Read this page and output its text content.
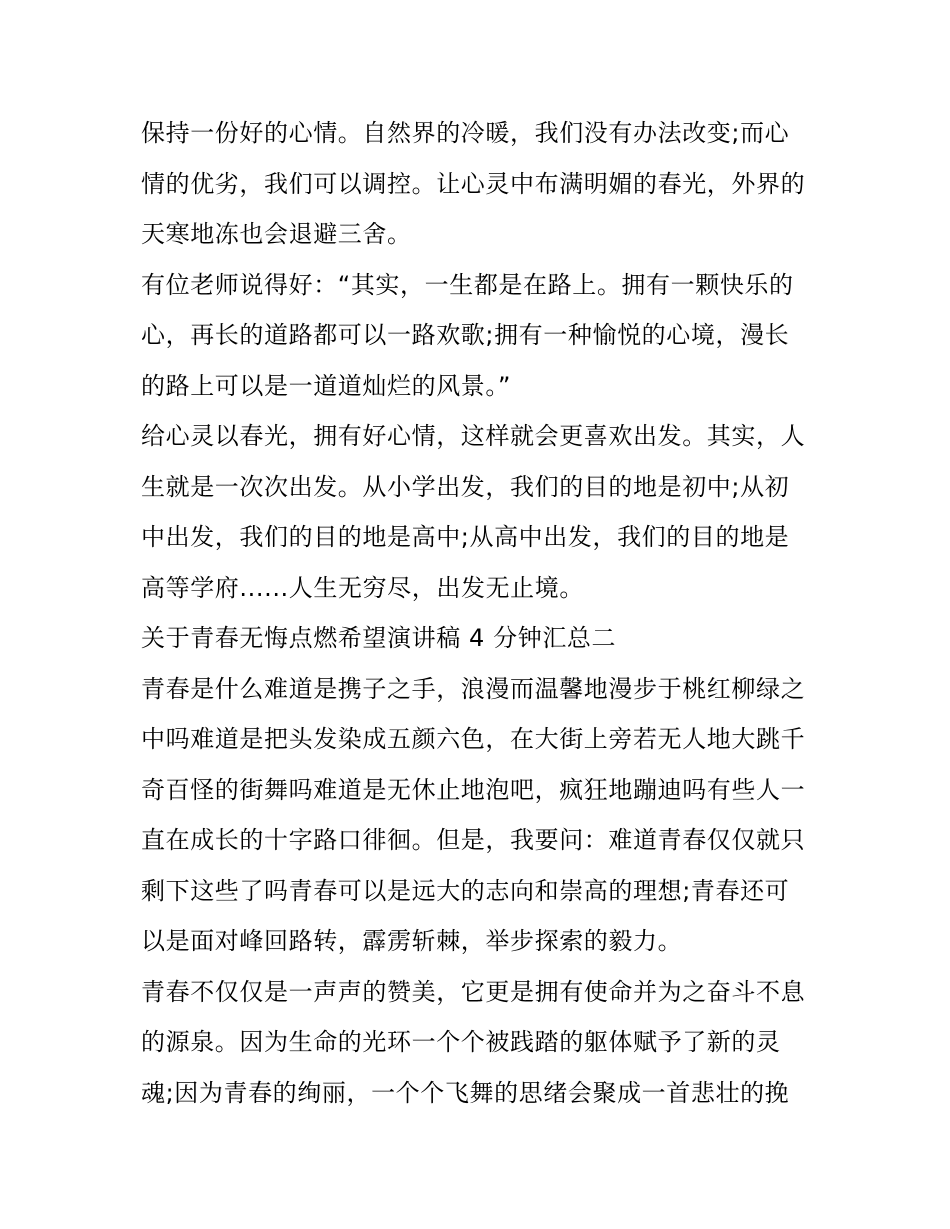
保持一份好的心情。自然界的冷暖，我们没有办法改变;而心
情的优劣，我们可以调控。让心灵中布满明媚的春光，外界的
天寒地冻也会退避三舍。
有位老师说得好：“其实，一生都是在路上。拥有一颗快乐的
心，再长的道路都可以一路欢歌;拥有一种愉悦的心境，漫长
的路上可以是一道道灿烂的风景。”
给心灵以春光，拥有好心情，这样就会更喜欢出发。其实，人
生就是一次次出发。从小学出发，我们的目的地是初中;从初
中出发，我们的目的地是高中;从高中出发，我们的目的地是
高等学府......人生无穷尽，出发无止境。
关于青春无悔点燃希望演讲稿 4 分钟汇总二
青春是什么难道是携子之手，浪漫而温馨地漫步于桃红柳绿之
中吗难道是把头发染成五颜六色，在大街上旁若无人地大跳千
奇百怪的街舞吗难道是无休止地泡吧，疯狂地蹦迪吗有些人一
直在成长的十字路口徘徊。但是，我要问：难道青春仅仅就只
剩下这些了吗青春可以是远大的志向和崇高的理想;青春还可
以是面对峰回路转，霹雳斩棘，举步探索的毅力。
青春不仅仅是一声声的赞美，它更是拥有使命并为之奋斗不息
的源泉。因为生命的光环一个个被践踏的躯体赋予了新的灵
魂;因为青春的绚丽，一个个飞舞的思绪会聚成一首悲壮的挽
